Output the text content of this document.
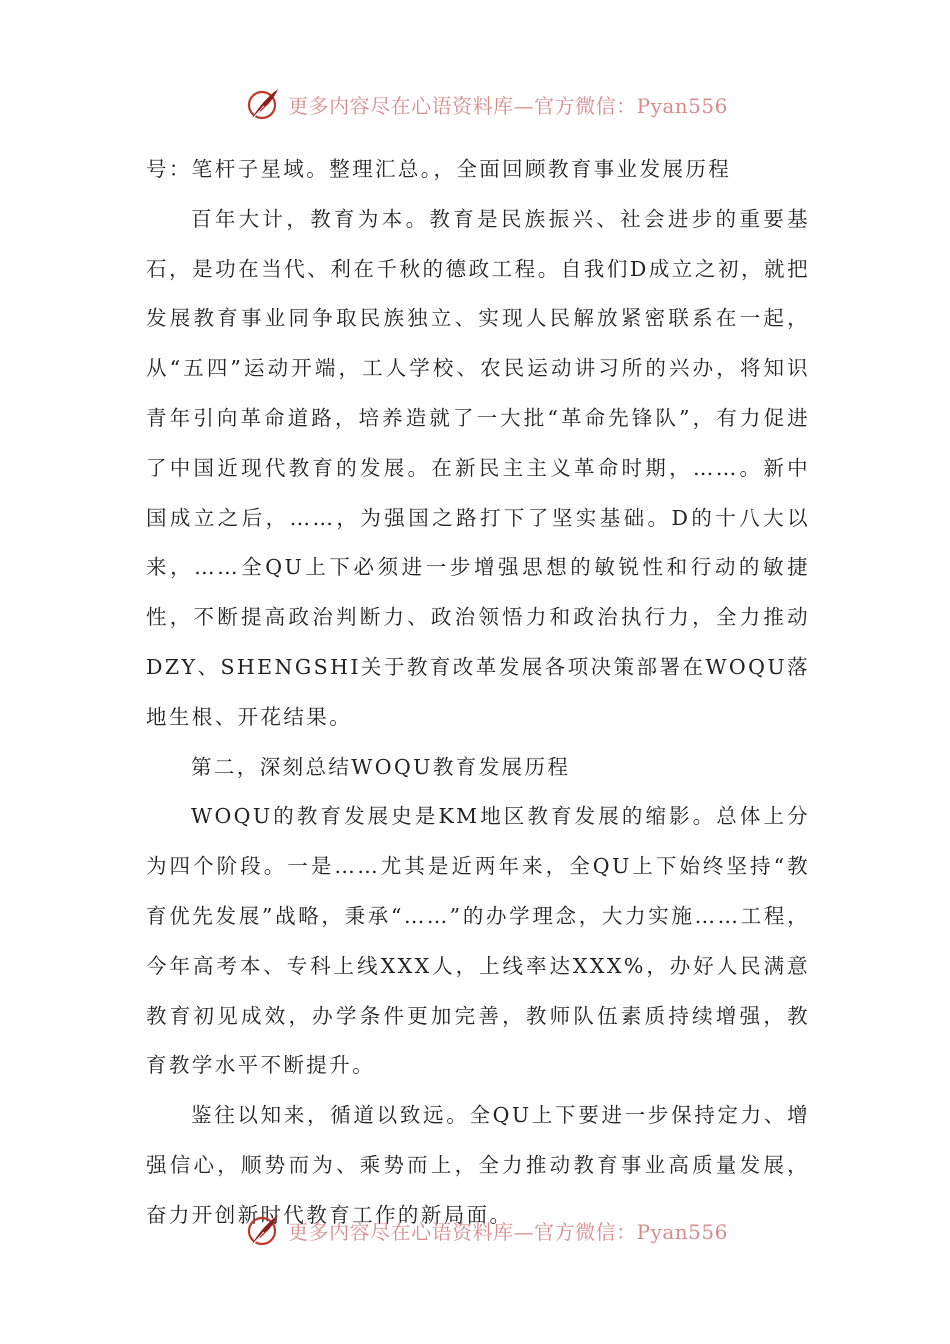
更多内容尽在心语资料库—官方微信：Pyan556

号：笔杆子星域。整理汇总。，全面回顾教育事业发展历程

百年大计，教育为本。教育是民族振兴、社会进步的重要基石，是功在当代、利在千秋的德政工程。自我们D成立之初，就把发展教育事业同争取民族独立、实现人民解放紧密联系在一起，从“五四”运动开端，工人学校、农民运动讲习所的兴办，将知识青年引向革命道路，培养造就了一大批“革命先锋队”，有力促进了中国近现代教育的发展。在新民主主义革命时期，……。新中国成立之后，……，为强国之路打下了坚实基础。D的十八大以来，……全QU上下必须进一步增强思想的敏锐性和行动的敏捷性，不断提高政治判断力、政治领悟力和政治执行力，全力推动DZY、SHENGSHI关于教育改革发展各项决策部署在WOQU落地生根、开花结果。

第二，深刻总结WOQU教育发展历程

WOQU的教育发展史是KM地区教育发展的缩影。总体上分为四个阶段。一是……尤其是近两年来，全QU上下始终坚持“教育优先发展”战略，秉承“……”的办学理念，大力实施……工程，今年高考本、专科上线XXX人，上线率达XXX%，办好人民满意教育初见成效，办学条件更加完善，教师队伍素质持续增强，教育教学水平不断提升。

鉴往以知来，循道以致远。全QU上下要进一步保持定力、增强信心，顺势而为、乘势而上，全力推动教育事业高质量发展，奋力开创新时代教育工作的新局面。

更多内容尽在心语资料库—官方微信：Pyan556
